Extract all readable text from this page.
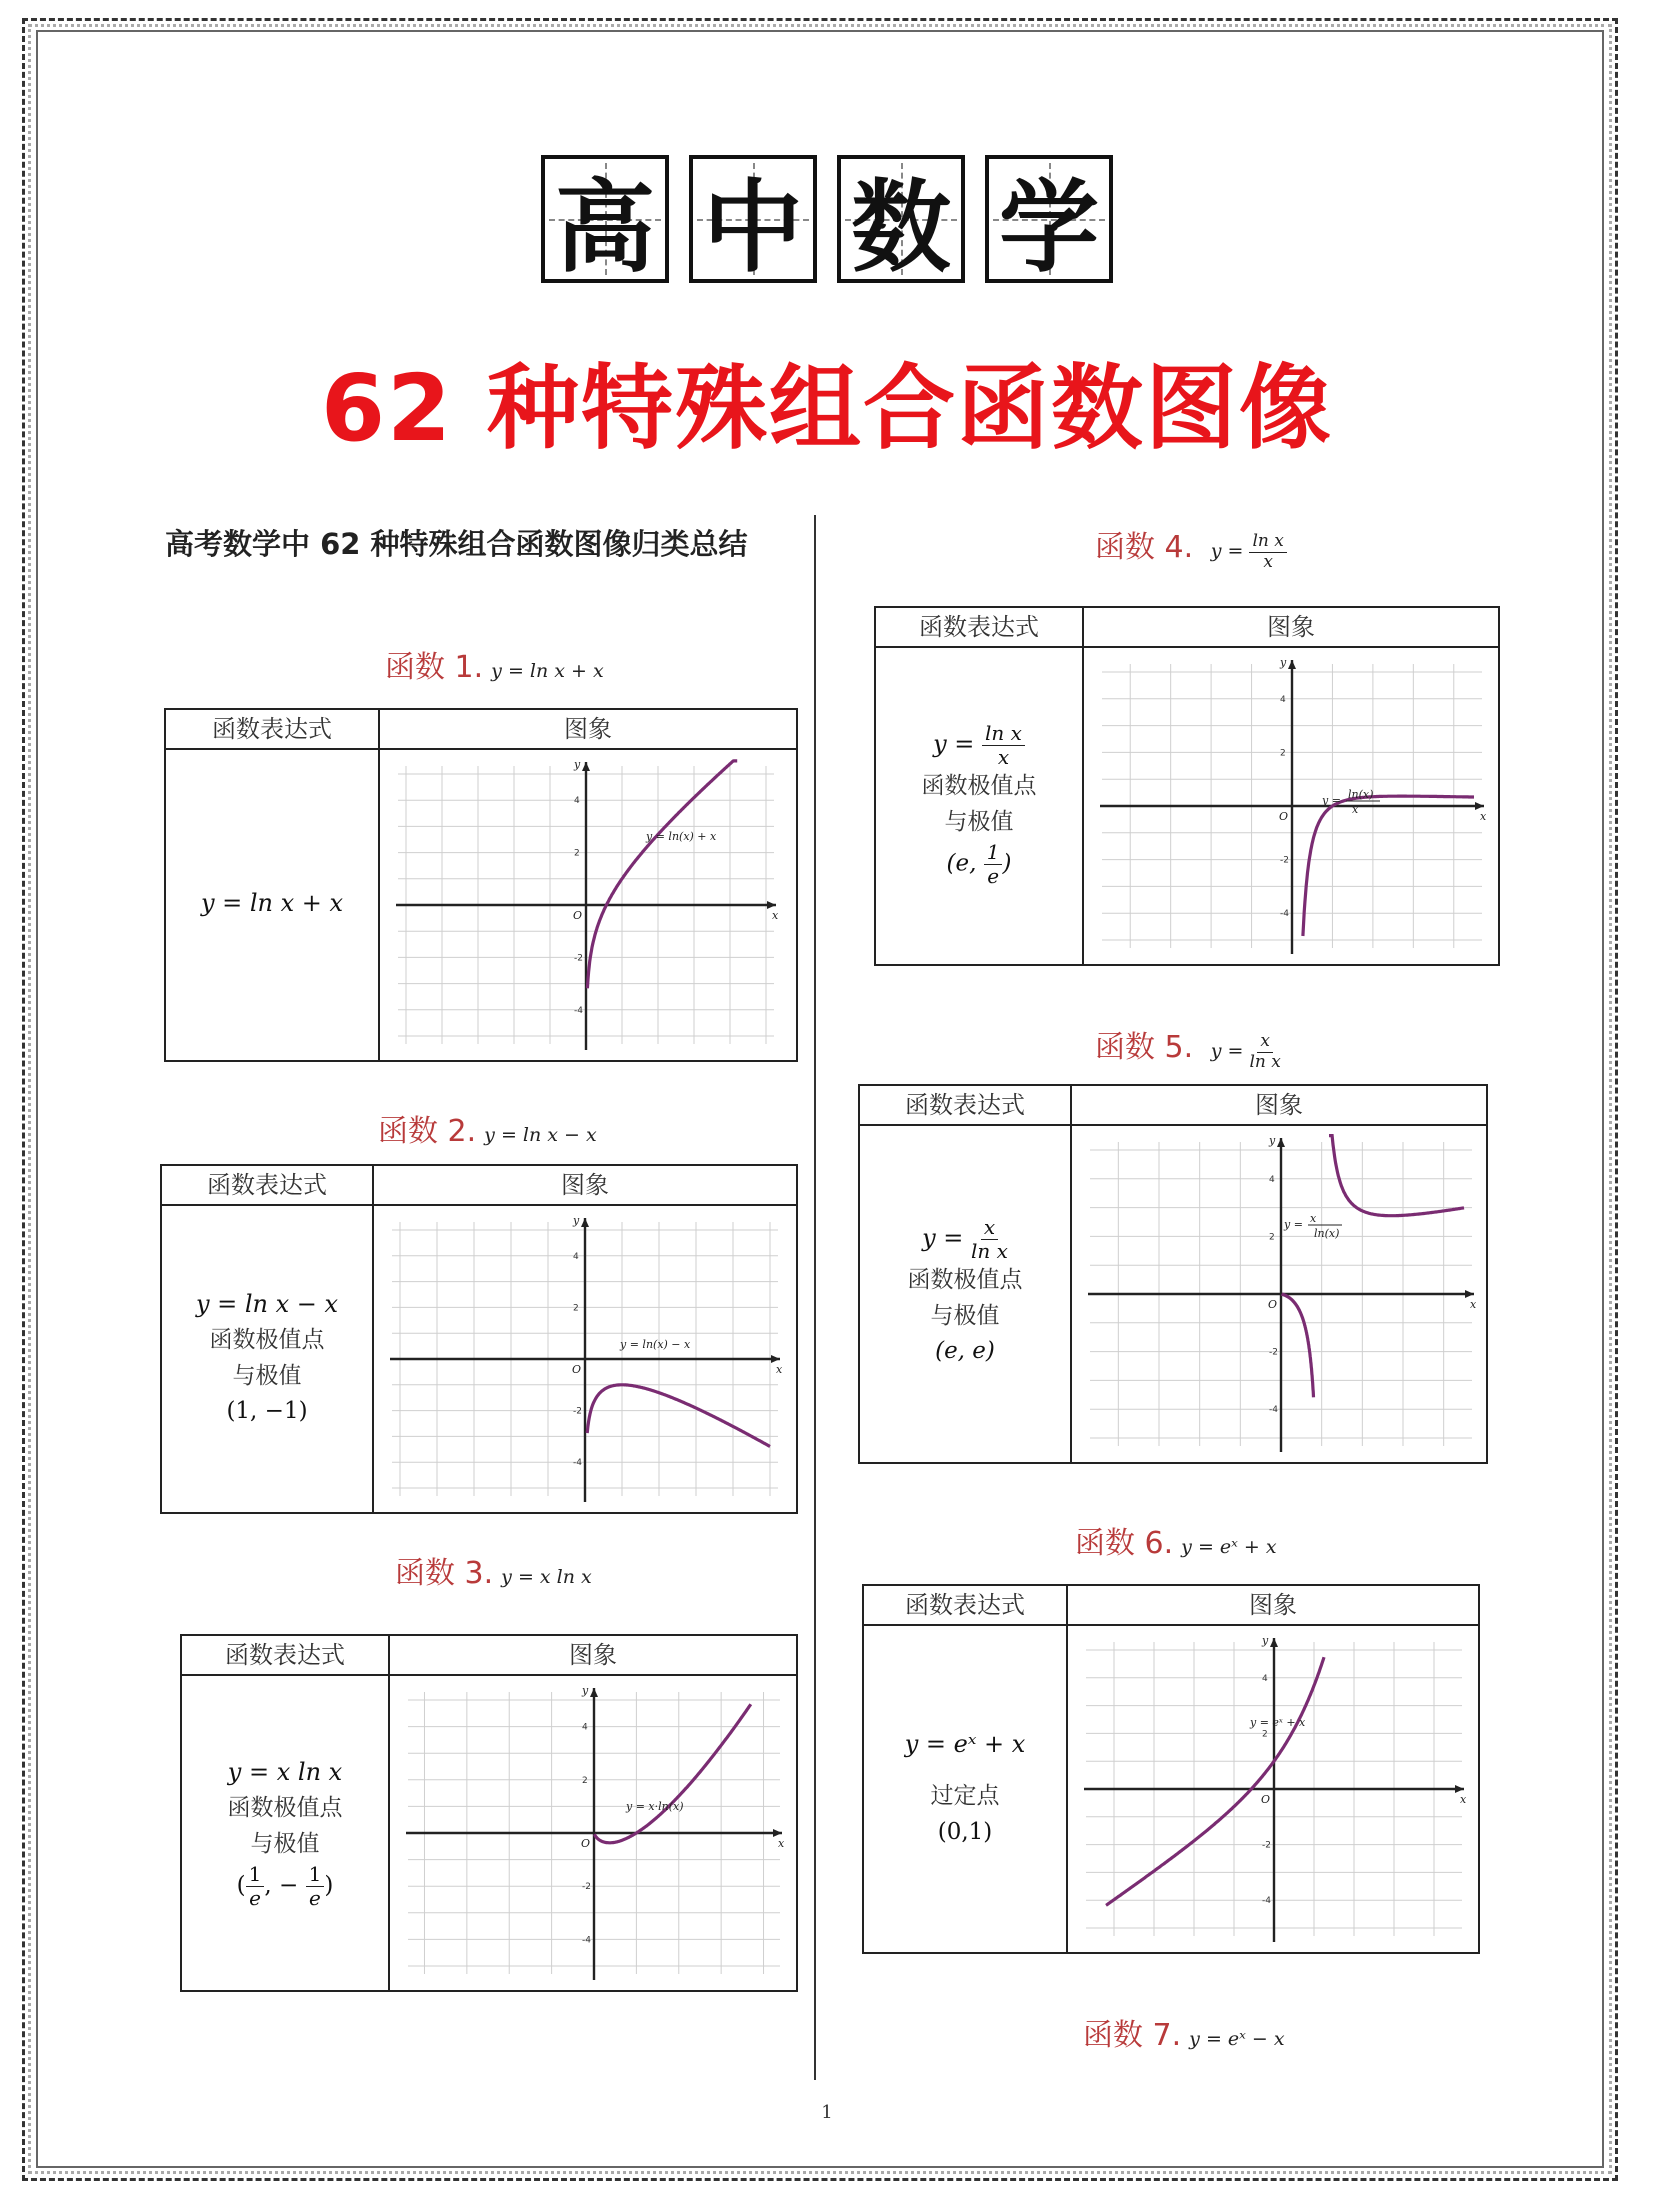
高 中 数 学
62 种特殊组合函数图像
高考数学中 62 种特殊组合函数图像归类总结
函数 1. y = ln x + x
函数表达式	图象
y = ln x + x	x
y
O
2
-2
4
-4
y = ln(x) + x
函数 2. y = ln x − x
函数表达式	图象
y = ln x − x
函数极值点
与极值
(1, −1)
x
y
O
2
-2
4
-4
y = ln(x) − x
函数 3. y = x ln x
函数表达式	图象
y = x ln x
函数极值点
与极值
( $\frac{1}{e}$ , − $\frac{1}{e}$ )
x
y
O
2
-2
4
-4
y = x·ln(x)
函数 4. $y = \frac{\text{ln x}}{x}$
函数表达式	图象
$y = \frac{\text{ln x}}{x}$
函数极值点
与极值
(e, $\frac{1}{e}$ )
x
y
O
2
-2
4
-4
y = ln(x)
x
函数 5. $y = \frac{x}{\text{ln x}}$
函数表达式	图象
$y = \frac{x}{\text{ln x}}$
函数极值点
与极值
(e, e)
x
y
O
2
-2
4
-4
y = x
ln(x)
函数 6. y = eˣ + x
函数表达式	图象
y = eˣ + x
过定点
(0,1)
x
y
O
2
-2
4
-4
y = eˣ + x
函数 7. y = eˣ − x
1
